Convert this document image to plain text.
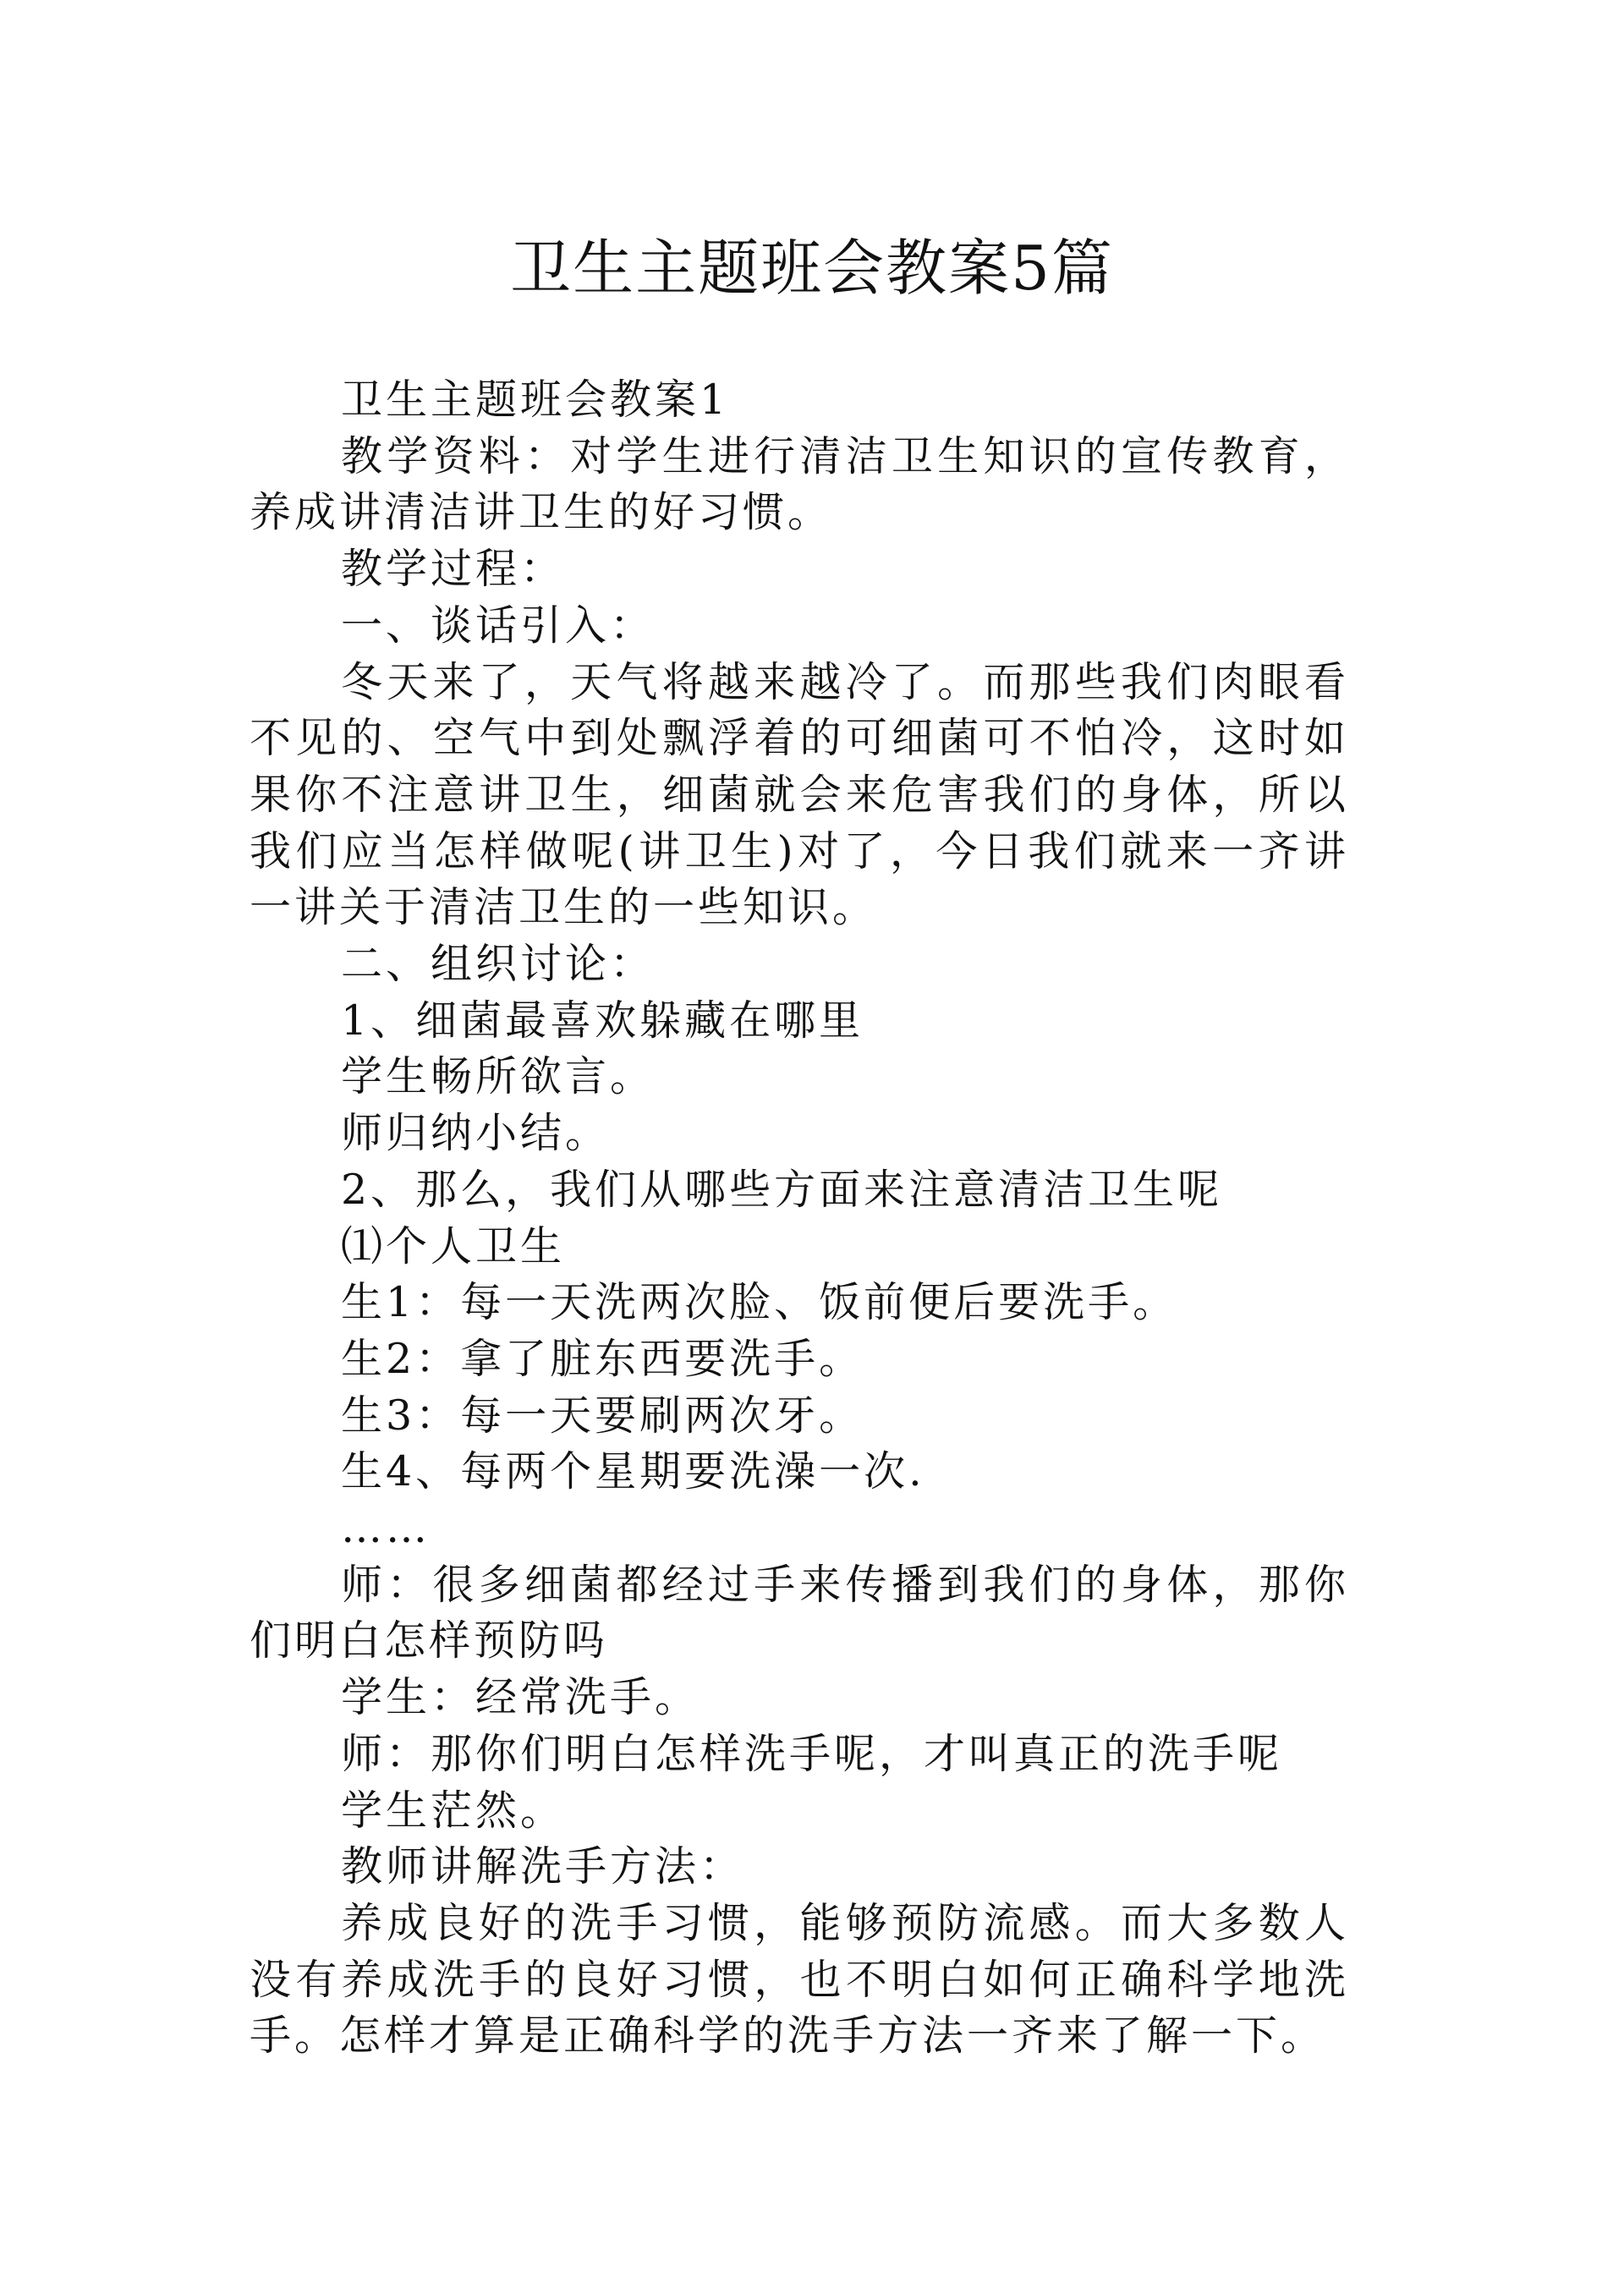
卫生主题班会教案5篇

卫生主题班会教案1

教学资料：对学生进行清洁卫生知识的宣传教育，养成讲清洁讲卫生的好习惯。

教学过程：

一、谈话引入：

冬天来了，天气将越来越冷了。而那些我们肉眼看不见的、空气中到处飘浮着的可细菌可不怕冷，这时如果你不注意讲卫生，细菌就会来危害我们的身体，所以我们应当怎样做呢(讲卫生)对了，今日我们就来一齐讲一讲关于清洁卫生的一些知识。

二、组织讨论：

1、细菌最喜欢躲藏在哪里

学生畅所欲言。

师归纳小结。

2、那么，我们从哪些方面来注意清洁卫生呢

⑴个人卫生

生1：每一天洗两次脸、饭前便后要洗手。

生2：拿了脏东西要洗手。

生3：每一天要刷两次牙。

生4、每两个星期要洗澡一次.

……

师：很多细菌都经过手来传播到我们的身体，那你们明白怎样预防吗

学生：经常洗手。

师：那你们明白怎样洗手呢，才叫真正的洗手呢

学生茫然。

教师讲解洗手方法：

养成良好的洗手习惯，能够预防流感。而大多数人没有养成洗手的良好习惯，也不明白如何正确科学地洗手。怎样才算是正确科学的洗手方法一齐来了解一下。
